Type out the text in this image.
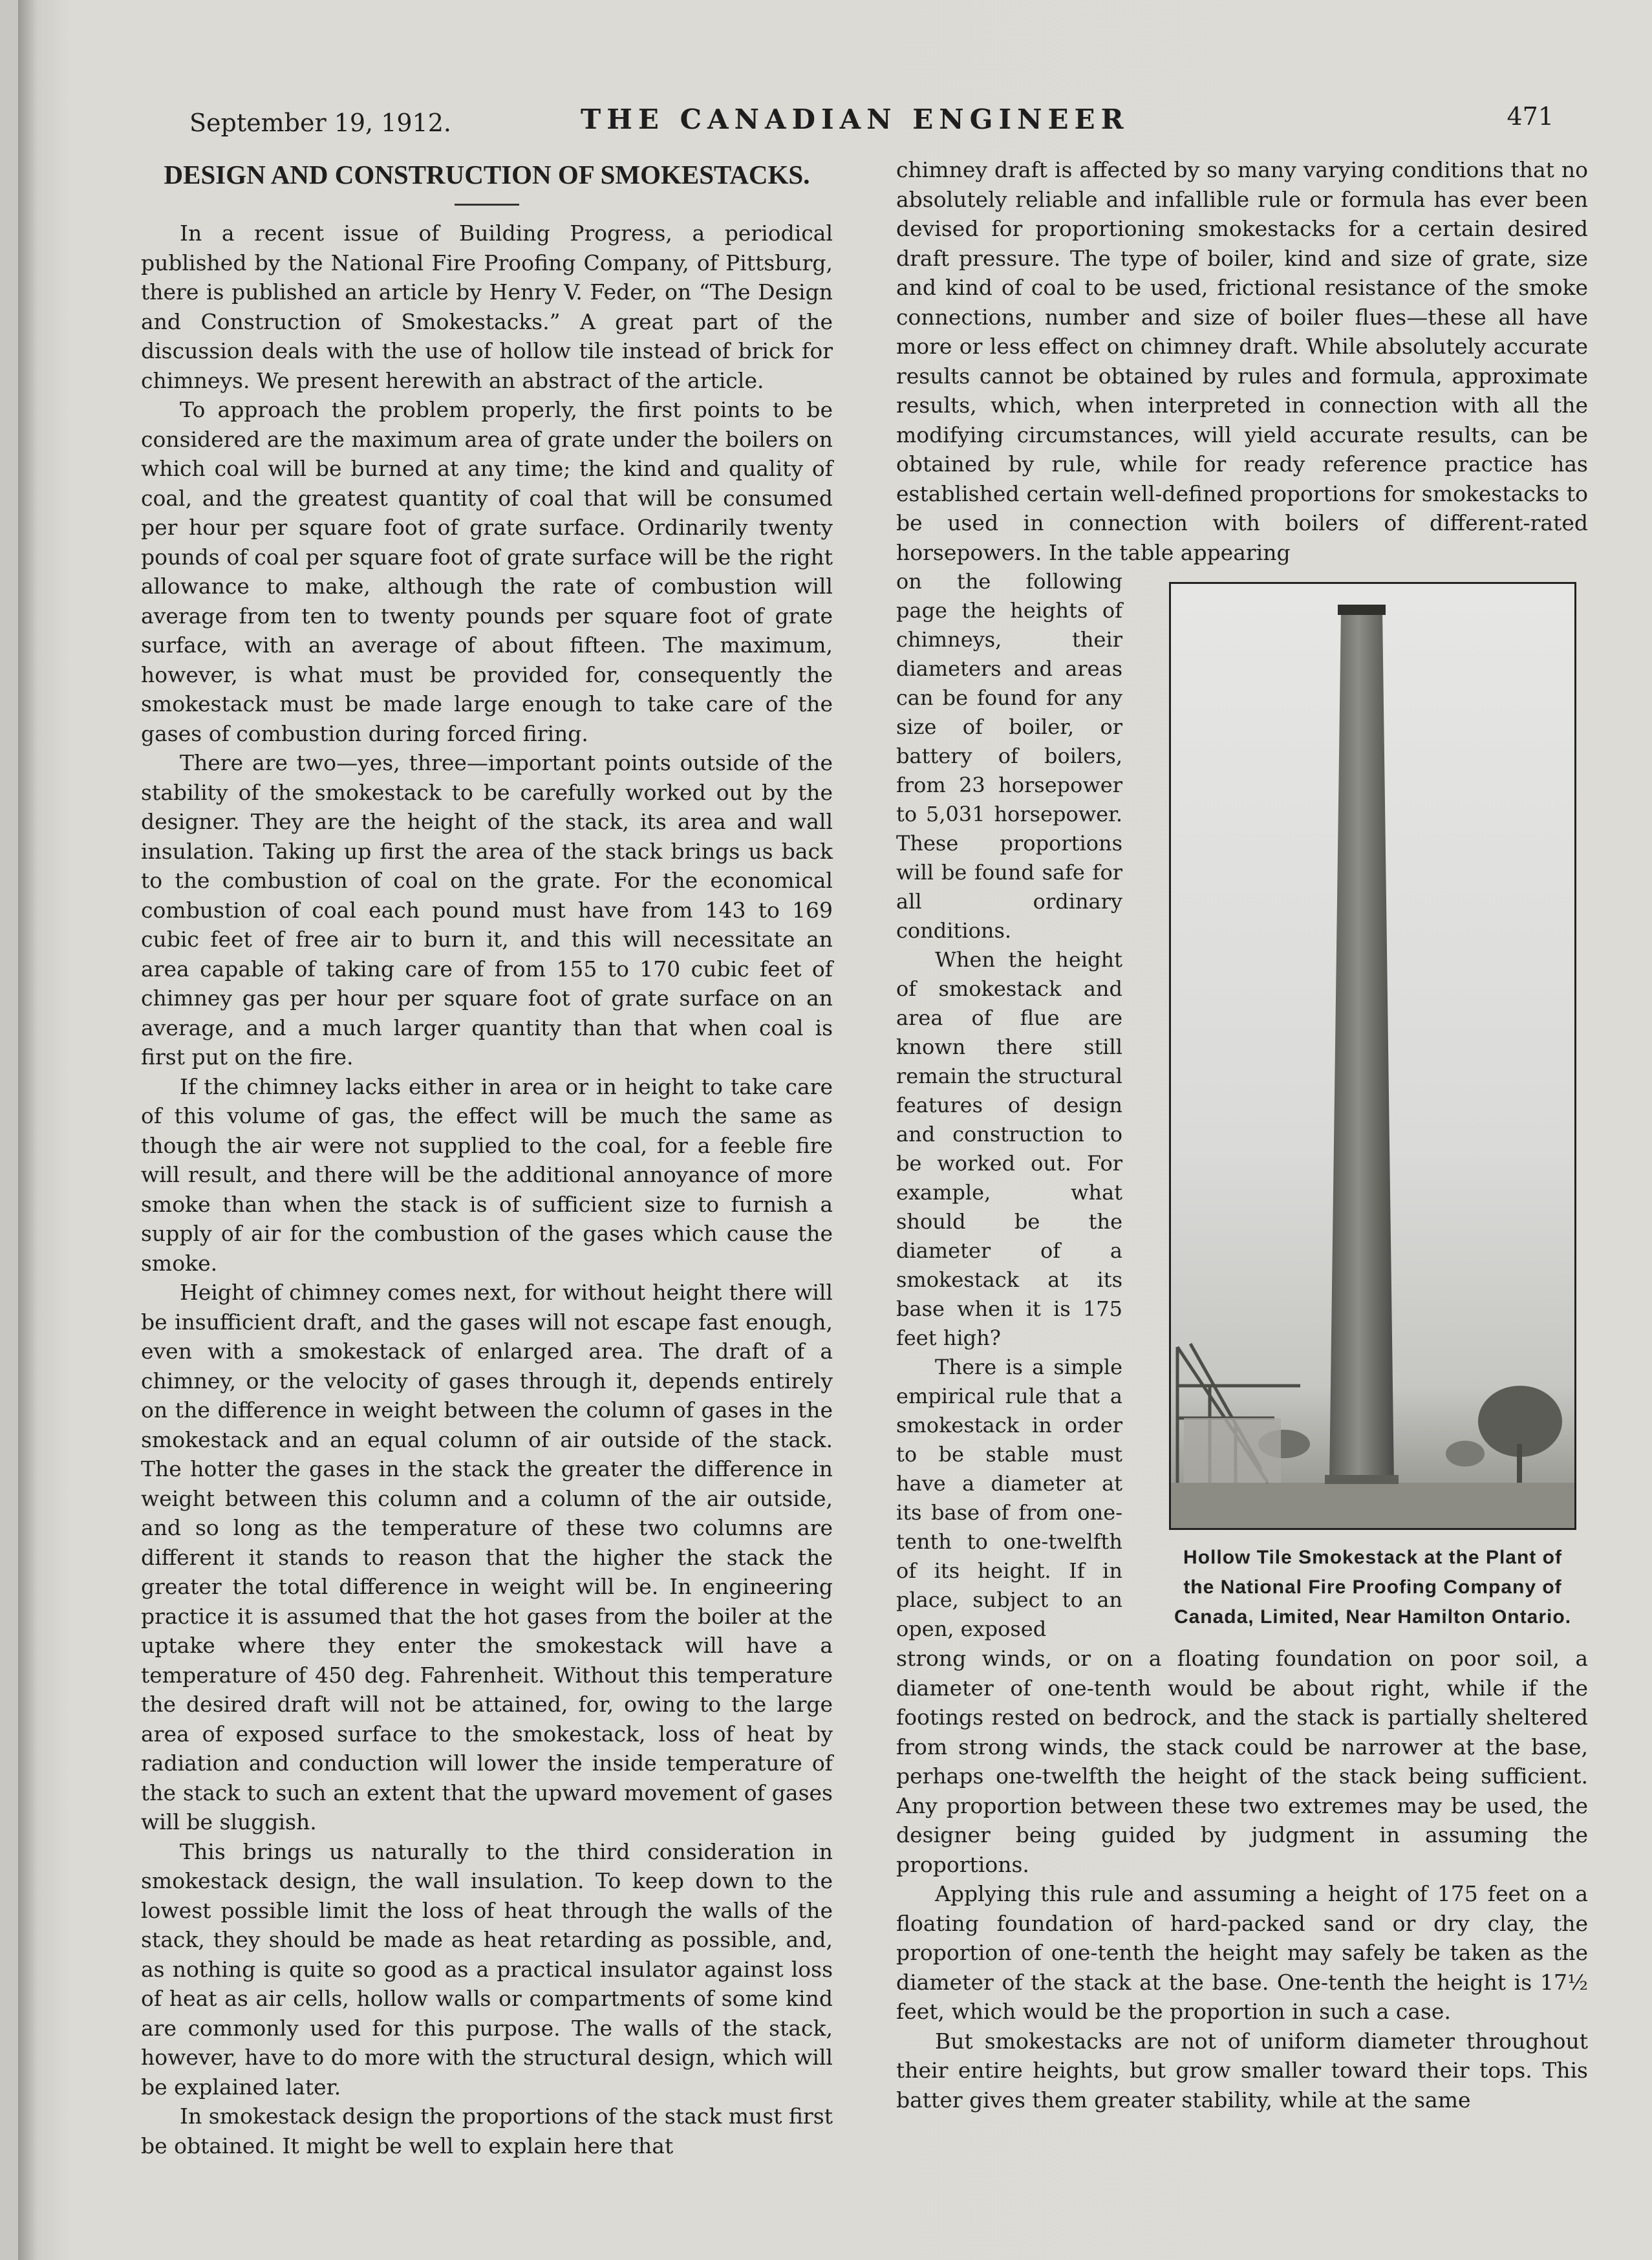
September 19, 1912.	THE CANADIAN ENGINEER	471
DESIGN AND CONSTRUCTION OF SMOKESTACKS.

In a recent issue of Building Progress, a periodical published by the National Fire Proofing Company, of Pittsburg, there is published an article by Henry V. Feder, on “The Design and Construction of Smokestacks.” A great part of the discussion deals with the use of hollow tile instead of brick for chimneys. We present herewith an abstract of the article.

To approach the problem properly, the first points to be considered are the maximum area of grate under the boilers on which coal will be burned at any time; the kind and quality of coal, and the greatest quantity of coal that will be consumed per hour per square foot of grate surface. Ordinarily twenty pounds of coal per square foot of grate surface will be the right allowance to make, although the rate of combustion will average from ten to twenty pounds per square foot of grate surface, with an average of about fifteen. The maximum, however, is what must be provided for, consequently the smokestack must be made large enough to take care of the gases of combustion during forced firing.

There are two—yes, three—important points outside of the stability of the smokestack to be carefully worked out by the designer. They are the height of the stack, its area and wall insulation. Taking up first the area of the stack brings us back to the combustion of coal on the grate. For the economical combustion of coal each pound must have from 143 to 169 cubic feet of free air to burn it, and this will necessitate an area capable of taking care of from 155 to 170 cubic feet of chimney gas per hour per square foot of grate surface on an average, and a much larger quantity than that when coal is first put on the fire.

If the chimney lacks either in area or in height to take care of this volume of gas, the effect will be much the same as though the air were not supplied to the coal, for a feeble fire will result, and there will be the additional annoyance of more smoke than when the stack is of sufficient size to furnish a supply of air for the combustion of the gases which cause the smoke.

Height of chimney comes next, for without height there will be insufficient draft, and the gases will not escape fast enough, even with a smokestack of enlarged area. The draft of a chimney, or the velocity of gases through it, depends entirely on the difference in weight between the column of gases in the smokestack and an equal column of air outside of the stack. The hotter the gases in the stack the greater the difference in weight between this column and a column of the air outside, and so long as the temperature of these two columns are different it stands to reason that the higher the stack the greater the total difference in weight will be. In engineering practice it is assumed that the hot gases from the boiler at the uptake where they enter the smokestack will have a temperature of 450 deg. Fahrenheit. Without this temperature the desired draft will not be attained, for, owing to the large area of exposed surface to the smokestack, loss of heat by radiation and conduction will lower the inside temperature of the stack to such an extent that the upward movement of gases will be sluggish.

This brings us naturally to the third consideration in smokestack design, the wall insulation. To keep down to the lowest possible limit the loss of heat through the walls of the stack, they should be made as heat retarding as possible, and, as nothing is quite so good as a practical insulator against loss of heat as air cells, hollow walls or compartments of some kind are commonly used for this purpose. The walls of the stack, however, have to do more with the structural design, which will be explained later.

In smokestack design the proportions of the stack must first be obtained. It might be well to explain here that

chimney draft is affected by so many varying conditions that no absolutely reliable and infallible rule or formula has ever been devised for proportioning smokestacks for a certain desired draft pressure. The type of boiler, kind and size of grate, size and kind of coal to be used, frictional resistance of the smoke connections, number and size of boiler flues—these all have more or less effect on chimney draft. While absolutely accurate results cannot be obtained by rules and formula, approximate results, which, when interpreted in connection with all the modifying circumstances, will yield accurate results, can be obtained by rule, while for ready reference practice has established certain well-defined proportions for smokestacks to be used in connection with boilers of different-rated horsepowers. In the table appearing

on the following page the heights of chimneys, their diameters and areas can be found for any size of boiler, or battery of boilers, from 23 horsepower to 5,031 horsepower. These proportions will be found safe for all ordinary conditions.

When the height of smokestack and area of flue are known there still remain the structural features of design and construction to be worked out. For example, what should be the diameter of a smokestack at its base when it is 175 feet high?

There is a simple empirical rule that a smokestack in order to be stable must have a diameter at its base of from one-tenth to one-twelfth of its height. If in place, subject to an open, exposed

strong winds, or on a floating foundation on poor soil, a diameter of one-tenth would be about right, while if the footings rested on bedrock, and the stack is partially sheltered from strong winds, the stack could be narrower at the base, perhaps one-twelfth the height of the stack being sufficient. Any proportion between these two extremes may be used, the designer being guided by judgment in assuming the proportions.

Applying this rule and assuming a height of 175 feet on a floating foundation of hard-packed sand or dry clay, the proportion of one-tenth the height may safely be taken as the diameter of the stack at the base. One-tenth the height is 17½ feet, which would be the proportion in such a case.

But smokestacks are not of uniform diameter throughout their entire heights, but grow smaller toward their tops. This batter gives them greater stability, while at the same

Hollow Tile Smokestack at the Plant of the National Fire Proofing Company of Canada, Limited, Near Hamilton Ontario.
